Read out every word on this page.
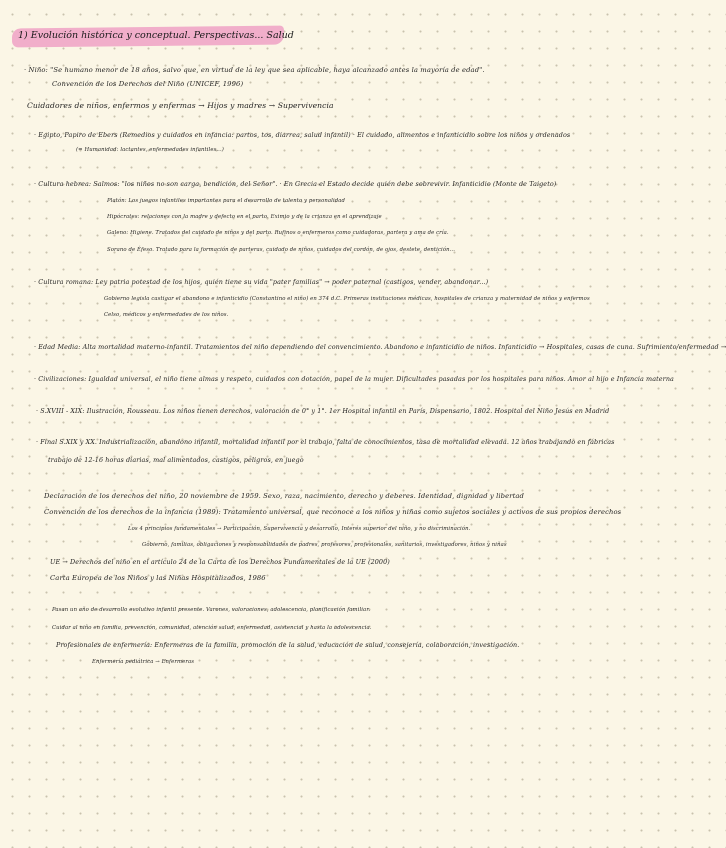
1) Evolución histórica y conceptual. Perspectivas... Salud
· Niño: "Se humano menor de 18 años, salvo que, en virtud de la ley que sea aplicable, haya alcanzado antes la mayoría de edad".
Convención de los Derechos del Niño (UNICEF, 1996)
Cuidadores de niños, enfermos y enfermas → Hijos y madres → Supervivencia
· Egipto, Papiro de Ebers (Remedios y cuidados en infancia: partos, tos, diarrea, salud infantil) · El cuidado, alimentos e infanticidio sobre los niños y ordenados
(= Humanidad: lactantes, enfermedades infantiles...)
· Cultura hebrea: Salmos: "los niños no son carga, bendición, del Señor". · En Grecia el Estado decide quién debe sobrevivir. Infanticidio (Monte de Taigeto)
Platón: Los juegos infantiles importantes para el desarrollo de talento y personalidad
Hipócrates: relaciones con la madre y defecto en el parto. Eximio y de la crianza en el aprendizaje
Galeno: Higiene. Tratados del cuidado de niños y del parto. Rufinos o enfermeros como cuidadoras, partera y ama de cría.
Sorano de Éfeso. Tratado para la formación de parteras, cuidado de niños, cuidados del cordón, de ojos, destete, dentición...
· Cultura romana: Ley patria potestad de los hijos, quién tiene su vida "pater familias" → poder paternal (castigos, vender, abandonar...)
Gobierno legisla castigar el abandono e infanticidio (Constantino el niño) en 374 d.C. Primeras instituciones médicas, hospitales de crianza y maternidad de niños y enfermos
Celso, médicos y enfermedades de los niños.
· Edad Media: Alta mortalidad materno-infantil. Tratamientos del niño dependiendo del convencimiento. Abandono e infanticidio de niños. Infanticidio → Hospitales, casas de cuna. Sufrimiento/enfermedad →
· Civilizaciones: Igualdad universal, el niño tiene almas y respeto, cuidados con dotación, papel de la mujer. Dificultades pasadas por los hospitales para niños. Amor al hijo e Infancia materna
· S.XVIII - XIX: Ilustración, Rousseau. Los niños tienen derechos, valoración de 0° y 1°. 1er Hospital infantil en París, Dispensario, 1802. Hospital del Niño Jesús en Madrid
· Final S.XIX y XX. Industrialización, abandono infantil, mortalidad infantil por el trabajo, falta de conocimientos, tasa de mortalidad elevada. 12 años trabajando en fábricas
trabajo de 12-16 horas diarias, mal alimentados, castigos, peligros, en juego
Declaración de los derechos del niño, 20 noviembre de 1959. Sexo, raza, nacimiento, derecho y deberes. Identidad, dignidad y libertad
Convención de los derechos de la infancia (1989): Tratamiento universal, que reconoce a los niños y niñas como sujetos sociales y activos de sus propios derechos
Los 4 principios fundamentales → Participación, Supervivencia y desarrollo, Interés superior del niño, y no discriminación.
Gobierno, familias, obligaciones y responsabilidades de padres, profesores, profesionales, sanitarios, investigadores, niños y niñas
UE → Derechos del niño en el artículo 24 de la Carta de los Derechos Fundamentales de la UE (2000)
Carta Europea de los Niños y las Niñas Hospitalizados, 1986
Pasan un año de desarrollo evolutivo infantil presente. Varones, valoraciones, adolescencia, planificación familiar.
Cuidar al niño en familia, prevención, comunidad, atención salud, enfermedad, asistencial y hasta la adolescencia.
Profesionales de enfermería: Enfermeras de la familia, promoción de la salud, educación de salud, consejería, colaboración, investigación.
Enfermería pediátrica → Enfermeras
